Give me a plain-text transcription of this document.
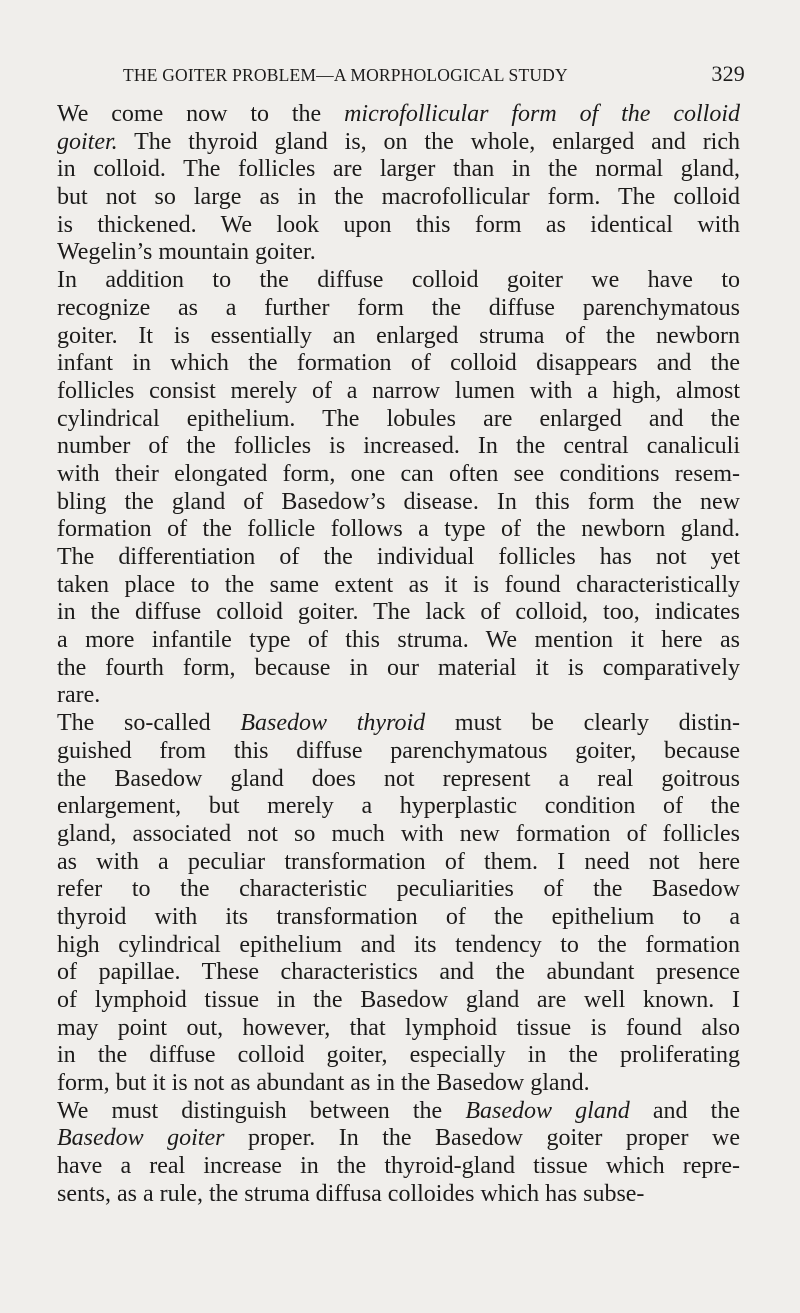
THE GOITER PROBLEM—A MORPHOLOGICAL STUDY	329
We come now to the microfollicular form of the colloid
goiter. The thyroid gland is, on the whole, enlarged and rich
in colloid. The follicles are larger than in the normal gland,
but not so large as in the macrofollicular form. The colloid
is thickened. We look upon this form as identical with
Wegelin’s mountain goiter.
In addition to the diffuse colloid goiter we have to
recognize as a further form the diffuse parenchymatous
goiter. It is essentially an enlarged struma of the newborn
infant in which the formation of colloid disappears and the
follicles consist merely of a narrow lumen with a high, almost
cylindrical epithelium. The lobules are enlarged and the
number of the follicles is increased. In the central canaliculi
with their elongated form, one can often see conditions resem-
bling the gland of Basedow’s disease. In this form the new
formation of the follicle follows a type of the newborn gland.
The differentiation of the individual follicles has not yet
taken place to the same extent as it is found characteristically
in the diffuse colloid goiter. The lack of colloid, too, indicates
a more infantile type of this struma. We mention it here as
the fourth form, because in our material it is comparatively
rare.
The so-called Basedow thyroid must be clearly distin-
guished from this diffuse parenchymatous goiter, because
the Basedow gland does not represent a real goitrous
enlargement, but merely a hyperplastic condition of the
gland, associated not so much with new formation of follicles
as with a peculiar transformation of them. I need not here
refer to the characteristic peculiarities of the Basedow
thyroid with its transformation of the epithelium to a
high cylindrical epithelium and its tendency to the formation
of papillae. These characteristics and the abundant presence
of lymphoid tissue in the Basedow gland are well known. I
may point out, however, that lymphoid tissue is found also
in the diffuse colloid goiter, especially in the proliferating
form, but it is not as abundant as in the Basedow gland.
We must distinguish between the Basedow gland and the
Basedow goiter proper. In the Basedow goiter proper we
have a real increase in the thyroid-gland tissue which repre-
sents, as a rule, the struma diffusa colloides which has subse-
